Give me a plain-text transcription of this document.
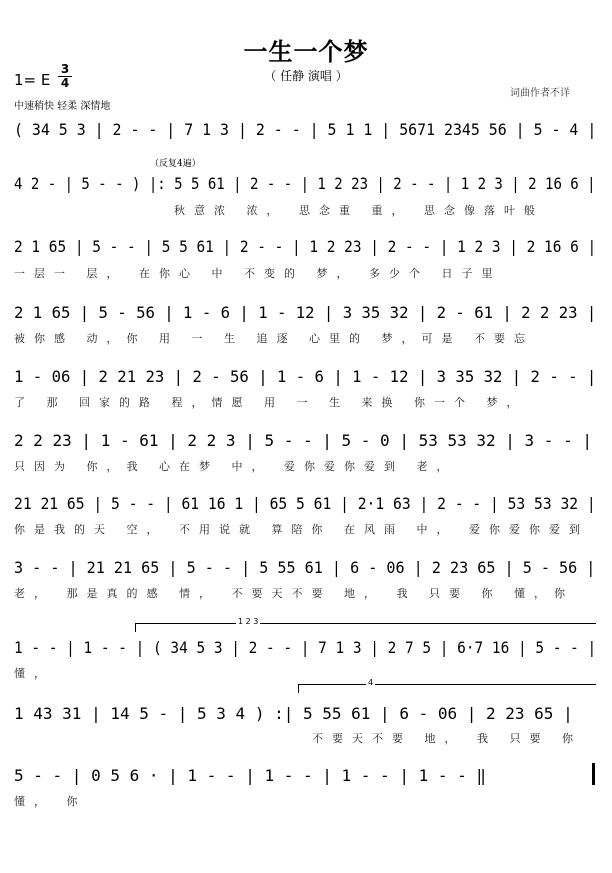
一生一个梦
（ 任静 演唱 ）
1= E
3
4
中速稍快 轻柔 深情地
词曲作者不详
（反复4遍）
1 2 3
4
( 34 5 3 | 2 - - | 7 1 3 | 2 - - | 5 1 1 | 5671 2345 56 | 5 - 4 |
4 2 - | 5 - - ) |: 5 5 61 | 2 - - | 1 2 23 | 2 - - | 1 2 3 | 2 16 6 |
秋意浓 浓， 思念重 重， 思念像落叶般
2 1 65 | 5 - - | 5 5 61 | 2 - - | 1 2 23 | 2 - - | 1 2 3 | 2 16 6 |
一层一 层， 在你心 中 不变的 梦， 多少个 日子里
2 1 65 | 5 - 56 | 1 - 6 | 1 - 12 | 3 35 32 | 2 - 61 | 2 2 23 |
被你感 动，你 用 一 生 追逐 心里的 梦，可是 不要忘
1 - 06 | 2 21 23 | 2 - 56 | 1 - 6 | 1 - 12 | 3 35 32 | 2 - - |
了 那 回家的路 程，情愿 用 一 生 来换 你一个 梦，
2 2 23 | 1 - 61 | 2 2 3 | 5 - - | 5 - 0 | 53 53 32 | 3 - - |
只因为 你，我 心在梦 中， 爱你爱你爱到 老，
21 21 65 | 5 - - | 61 16 1 | 65 5 61 | 2·1 63 | 2 - - | 53 53 32 |
你是我的天 空， 不用说就 算陪你 在风雨 中， 爱你爱你爱到
3 - - | 21 21 65 | 5 - - | 5 55 61 | 6 - 06 | 2 23 65 | 5 - 56 |
老， 那是真的感 情， 不要天不要 地， 我 只要 你 懂，你
1 - - | 1 - - | ( 34 5 3 | 2 - - | 7 1 3 | 2 7 5 | 6·7 16 | 5 - - |
懂，
1 43 31 | 14 5 - | 5 3 4 ) :| 5 55 61 | 6 - 06 | 2 23 65 |
不要天不要 地， 我 只要 你
5 - - | 0 5 6 · | 1 - - | 1 - - | 1 - - | 1 - - ‖
懂， 你
